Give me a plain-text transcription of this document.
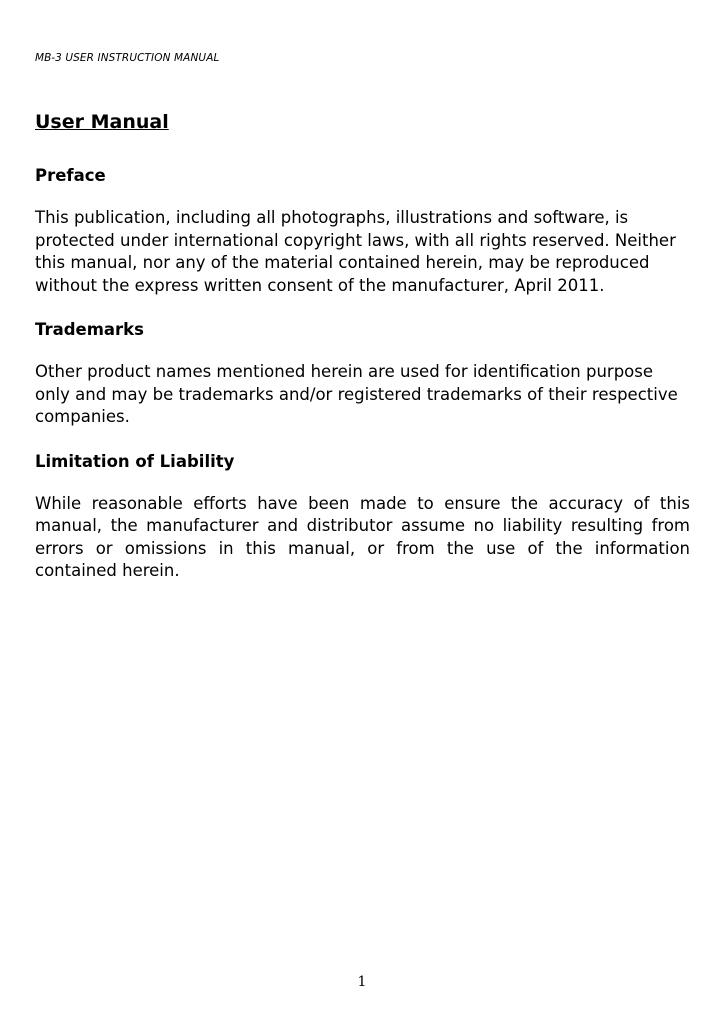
MB-3 USER INSTRUCTION MANUAL
User Manual
Preface

This publication, including all photographs, illustrations and software, is protected under international copyright laws, with all rights reserved. Neither this manual, nor any of the material contained herein, may be reproduced without the express written consent of the manufacturer, April 2011.

Trademarks

Other product names mentioned herein are used for identification purpose only and may be trademarks and/or registered trademarks of their respective companies.

Limitation of Liability

While reasonable efforts have been made to ensure the accuracy of this manual, the manufacturer and distributor assume no liability resulting from errors or omissions in this manual, or from the use of the information contained herein.

1
